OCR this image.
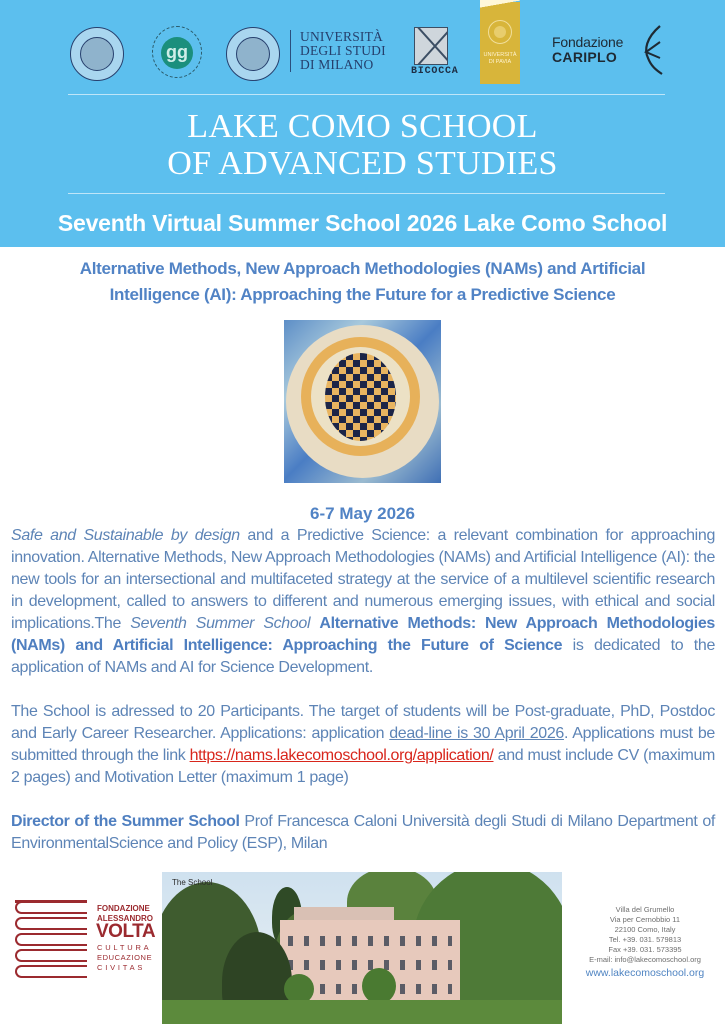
ɡɡ
UNIVERSITÀ
DEGLI STUDI
DI MILANO	BICOCCA
UNIVERSITÀ
DI PAVIA
Fondazione
CARIPLO
LAKE COMO SCHOOL
OF ADVANCED STUDIES
Seventh Virtual Summer School 2026 Lake Como School
Alternative Methods, New Approach Methodologies (NAMs) and Artificial
Intelligence (AI): Approaching the Future for a Predictive Science
6-7 May 2026

Safe and Sustainable by design and a Predictive Science: a relevant combination for approaching innovation. Alternative Methods, New Approach Methodologies (NAMs) and Artificial Intelligence (AI): the new tools for an intersectional and multifaceted strategy at the service of a multilevel scientific research in development, called to answers to different and numerous emerging issues, with ethical and social implications.The Seventh Summer School Alternative Methods: New Approach Methodologies (NAMs) and Artificial Intelligence: Approaching the Future of Science is dedicated to the application of NAMs and AI for Science Development.

The School is adressed to 20 Participants. The target of students will be Post-graduate, PhD, Postdoc and Early Career Researcher. Applications: application dead-line is 30 April 2026. Applications must be submitted through the link https://nams.lakecomoschool.org/application/ and must include CV (maximum 2 pages) and Motivation Letter (maximum 1 page)

Director of the Summer School Prof Francesca Caloni Università degli Studi di Milano Department of EnvironmentalScience and Policy (ESP), Milan

FONDAZIONE
ALESSANDRO
VOLTA
CULTURA
EDUCAZIONE
CIVITAS
The School
Villa del Grumello
Via per Cernobbio 11
22100 Como, Italy
Tel. +39. 031. 579813
Fax +39. 031. 573395
E-mail: info@lakecomoschool.org
www.lakecomoschool.org
